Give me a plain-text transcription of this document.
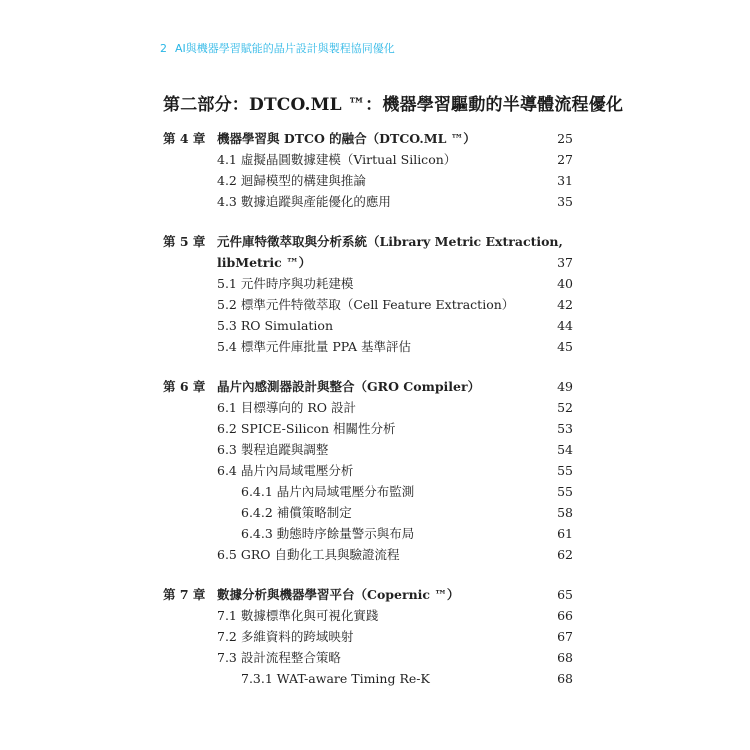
2 AI與機器學習賦能的晶片設計與製程協同優化
第二部分：DTCO.ML ™：機器學習驅動的半導體流程優化
第 4 章 機器學習與 DTCO 的融合（DTCO.ML ™）	25
4.1 虛擬晶圓數據建模（Virtual Silicon）	27
4.2 迴歸模型的構建與推論	31
4.3 數據追蹤與產能優化的應用	35
第 5 章 元件庫特徵萃取與分析系統（Library Metric Extraction,
libMetric ™）	37
5.1 元件時序與功耗建模	40
5.2 標準元件特徵萃取（Cell Feature Extraction）	42
5.3 RO Simulation	44
5.4 標準元件庫批量 PPA 基準評估	45
第 6 章 晶片內感測器設計與整合（GRO Compiler）	49
6.1 目標導向的 RO 設計	52
6.2 SPICE-Silicon 相關性分析	53
6.3 製程追蹤與調整	54
6.4 晶片內局域電壓分析	55
6.4.1 晶片內局域電壓分布監測	55
6.4.2 補償策略制定	58
6.4.3 動態時序餘量警示與布局	61
6.5 GRO 自動化工具與驗證流程	62
第 7 章 數據分析與機器學習平台（Copernic ™）	65
7.1 數據標準化與可視化實踐	66
7.2 多維資料的跨域映射	67
7.3 設計流程整合策略	68
7.3.1 WAT-aware Timing Re-K	68
